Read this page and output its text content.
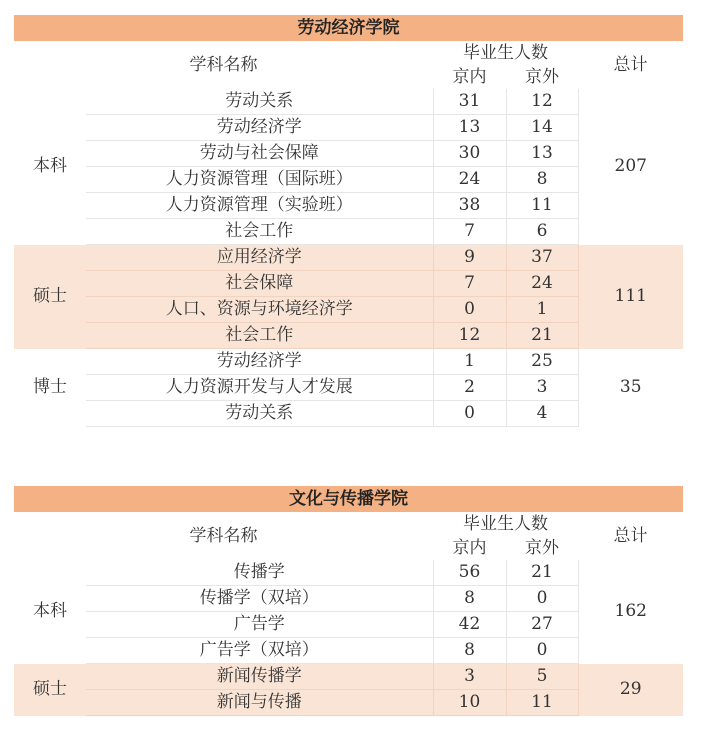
劳动经济学院
学科名称		毕业生人数		总计
		京内	京外	
本科	劳动关系	31	12	207
	劳动经济学	13	14	
	劳动与社会保障	30	13	
	人力资源管理（国际班）	24	8	
	人力资源管理（实验班）	38	11	
	社会工作	7	6	
硕士	应用经济学	9	37	111
	社会保障	7	24	
	人口、资源与环境经济学	0	1	
	社会工作	12	21	
博士	劳动经济学	1	25	35
	人力资源开发与人才发展	2	3	
	劳动关系	0	4	
文化与传播学院
学科名称		毕业生人数		总计
		京内	京外	
本科	传播学	56	21	162
	传播学（双培）	8	0	
	广告学	42	27	
	广告学（双培）	8	0	
硕士	新闻传播学	3	5	29
	新闻与传播	10	11	
